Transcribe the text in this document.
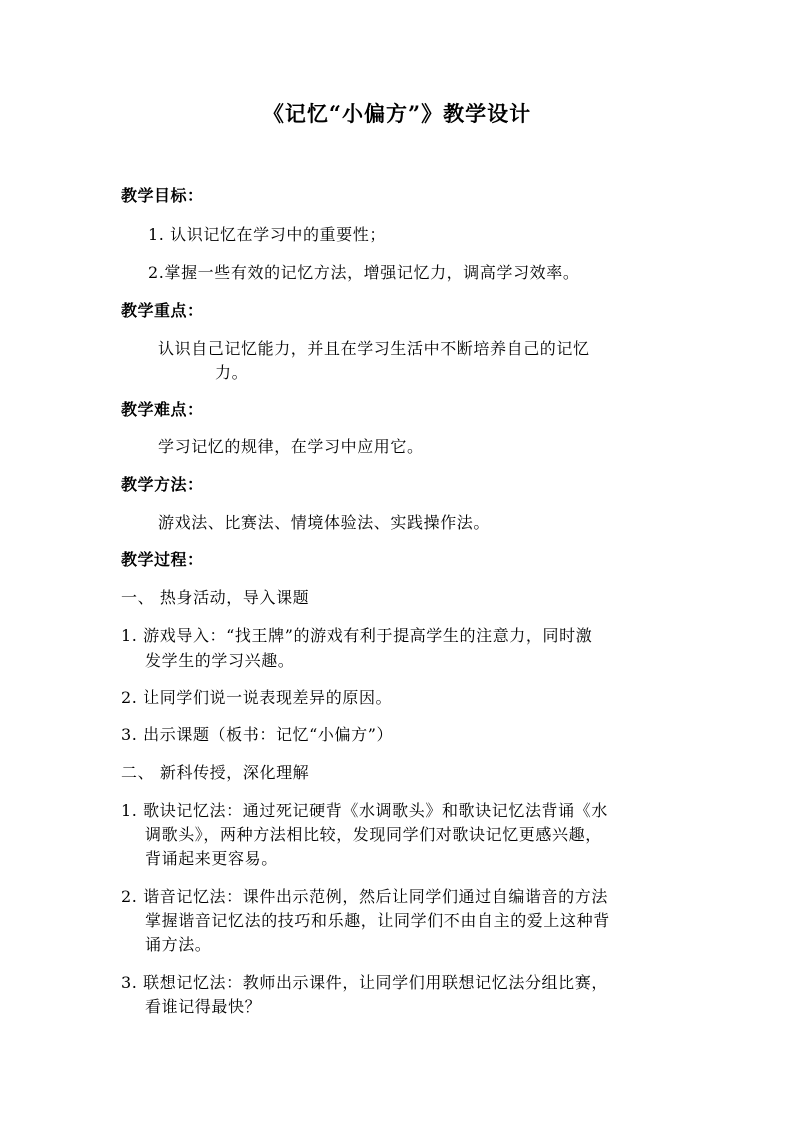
《记忆“小偏方”》教学设计
教学目标：
1. 认识记忆在学习中的重要性；
2.掌握一些有效的记忆方法，增强记忆力，调高学习效率。
教学重点：
认识自己记忆能力，并且在学习生活中不断培养自己的记忆
力。
教学难点：
学习记忆的规律，在学习中应用它。
教学方法：
游戏法、比赛法、情境体验法、实践操作法。
教学过程：
一、 热身活动，导入课题
1. 游戏导入：“找王牌”的游戏有利于提高学生的注意力，同时激
发学生的学习兴趣。
2. 让同学们说一说表现差异的原因。
3. 出示课题（板书：记忆“小偏方”）
二、 新科传授，深化理解
1. 歌诀记忆法：通过死记硬背《水调歌头》和歌诀记忆法背诵《水
调歌头》，两种方法相比较，发现同学们对歌诀记忆更感兴趣，
背诵起来更容易。
2. 谐音记忆法：课件出示范例，然后让同学们通过自编谐音的方法
掌握谐音记忆法的技巧和乐趣，让同学们不由自主的爱上这种背
诵方法。
3. 联想记忆法：教师出示课件，让同学们用联想记忆法分组比赛，
看谁记得最快？
